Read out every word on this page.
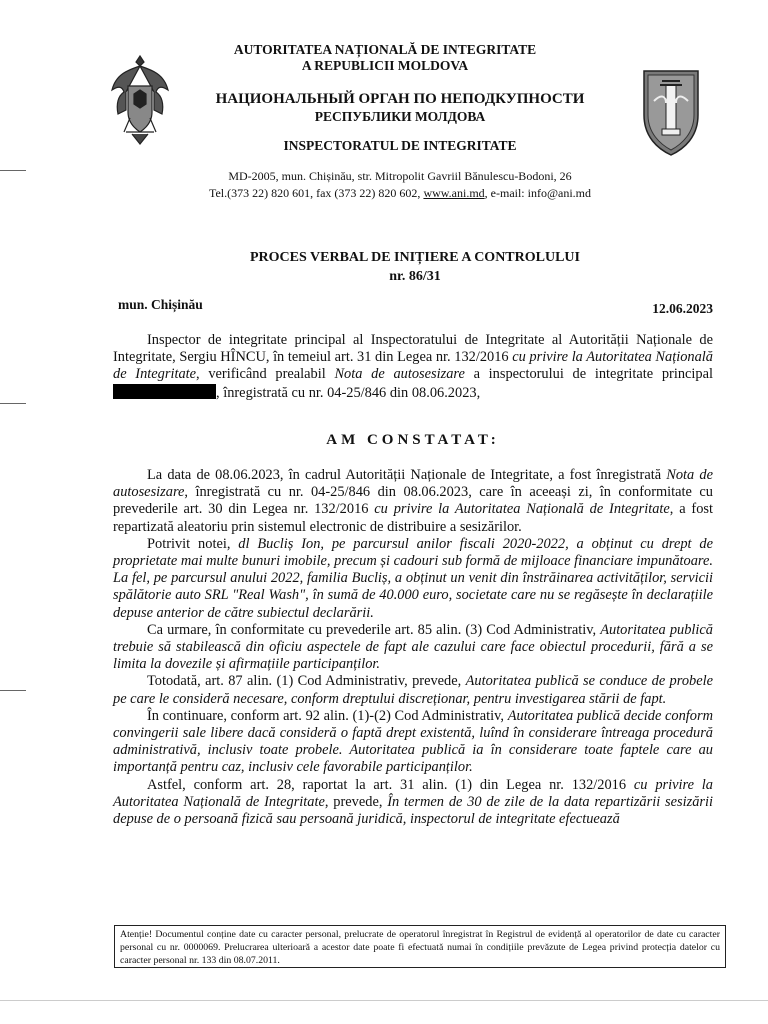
AUTORITATEA NAȚIONALĂ DE INTEGRITATE
A REPUBLICII MOLDOVA
НАЦИОНАЛЬНЫЙ ОРГАН ПО НЕПОДКУПНОСТИ
РЕСПУБЛИКИ МОЛДОВА
INSPECTORATUL DE INTEGRITATE
MD-2005, mun. Chișinău, str. Mitropolit Gavriil Bănulescu-Bodoni, 26
Tel.(373 22) 820 601, fax (373 22) 820 602, www.ani.md, e-mail: info@ani.md
PROCES VERBAL DE INIȚIERE A CONTROLULUI
nr. 86/31
mun. Chișinău	12.06.2023

Inspector de integritate principal al Inspectoratului de Integritate al Autorității Naționale de Integritate, Sergiu HÎNCU, în temeiul art. 31 din Legea nr. 132/2016 cu privire la Autoritatea Națională de Integritate, verificând prealabil Nota de autosesizare a inspectorului de integritate principal , înregistrată cu nr. 04-25/846 din 08.06.2023,

AM CONSTATAT:

La data de 08.06.2023, în cadrul Autorității Naționale de Integritate, a fost înregistrată Nota de autosesizare, înregistrată cu nr. 04-25/846 din 08.06.2023, care în aceeași zi, în conformitate cu prevederile art. 30 din Legea nr. 132/2016 cu privire la Autoritatea Națională de Integritate, a fost repartizată aleatoriu prin sistemul electronic de distribuire a sesizărilor.

Potrivit notei, dl Bucliș Ion, pe parcursul anilor fiscali 2020-2022, a obținut cu drept de proprietate mai multe bunuri imobile, precum și cadouri sub formă de mijloace financiare impunătoare. La fel, pe parcursul anului 2022, familia Bucliș, a obținut un venit din înstrăinarea activităților, servicii spălătorie auto SRL "Real Wash", în sumă de 40.000 euro, societate care nu se regăsește în declarațiile depuse anterior de către subiectul declarării.

Ca urmare, în conformitate cu prevederile art. 85 alin. (3) Cod Administrativ, Autoritatea publică trebuie să stabilească din oficiu aspectele de fapt ale cazului care face obiectul procedurii, fără a se limita la dovezile și afirmațiile participanților.

Totodată, art. 87 alin. (1) Cod Administrativ, prevede, Autoritatea publică se conduce de probele pe care le consideră necesare, conform dreptului discreționar, pentru investigarea stării de fapt.

În continuare, conform art. 92 alin. (1)-(2) Cod Administrativ, Autoritatea publică decide conform convingerii sale libere dacă consideră o faptă drept existentă, luînd în considerare întreaga procedură administrativă, inclusiv toate probele. Autoritatea publică ia în considerare toate faptele care au importanță pentru caz, inclusiv cele favorabile participanților.

Astfel, conform art. 28, raportat la art. 31 alin. (1) din Legea nr. 132/2016 cu privire la Autoritatea Națională de Integritate, prevede, În termen de 30 de zile de la data repartizării sesizării depuse de o persoană fizică sau persoană juridică, inspectorul de integritate efectuează

Atenție! Documentul conține date cu caracter personal, prelucrate de operatorul înregistrat în Registrul de evidență al operatorilor de date cu caracter personal cu nr. 0000069. Prelucrarea ulterioară a acestor date poate fi efectuată numai în condițiile prevăzute de Legea privind protecția datelor cu caracter personal nr. 133 din 08.07.2011.
